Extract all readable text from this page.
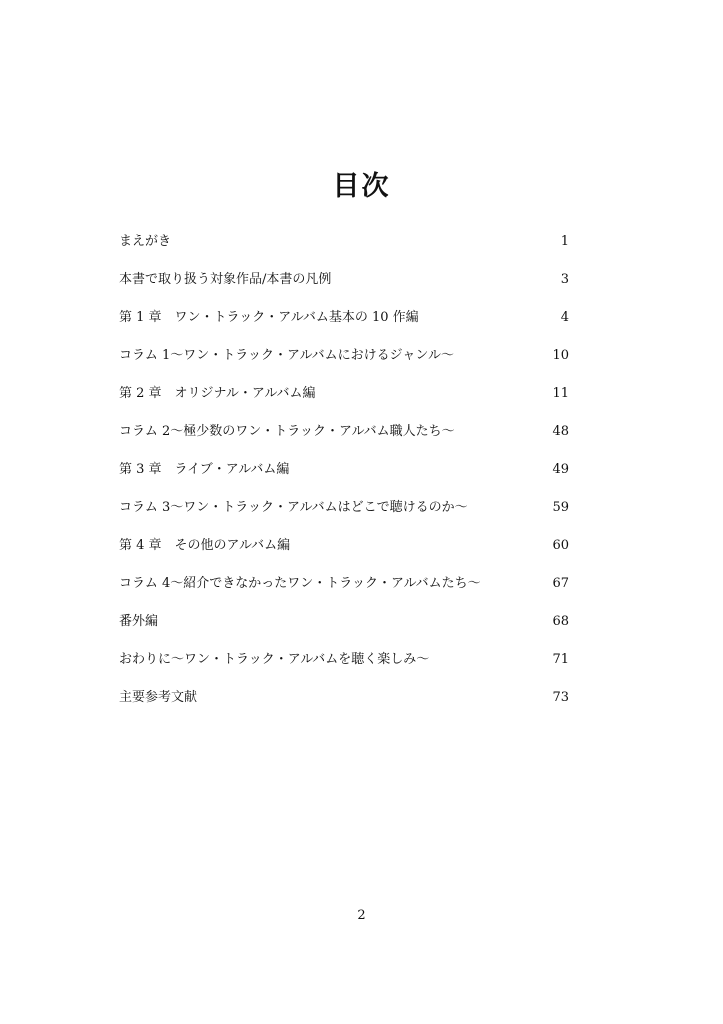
目次
まえがき	1
本書で取り扱う対象作品/本書の凡例	3
第 1 章　ワン・トラック・アルバム基本の 10 作編	4
コラム 1～ワン・トラック・アルバムにおけるジャンル～	10
第 2 章　オリジナル・アルバム編	11
コラム 2～極少数のワン・トラック・アルバム職人たち～	48
第 3 章　ライブ・アルバム編	49
コラム 3～ワン・トラック・アルバムはどこで聴けるのか～	59
第 4 章　その他のアルバム編	60
コラム 4～紹介できなかったワン・トラック・アルバムたち～	67
番外編	68
おわりに～ワン・トラック・アルバムを聴く楽しみ～	71
主要参考文献	73
2
